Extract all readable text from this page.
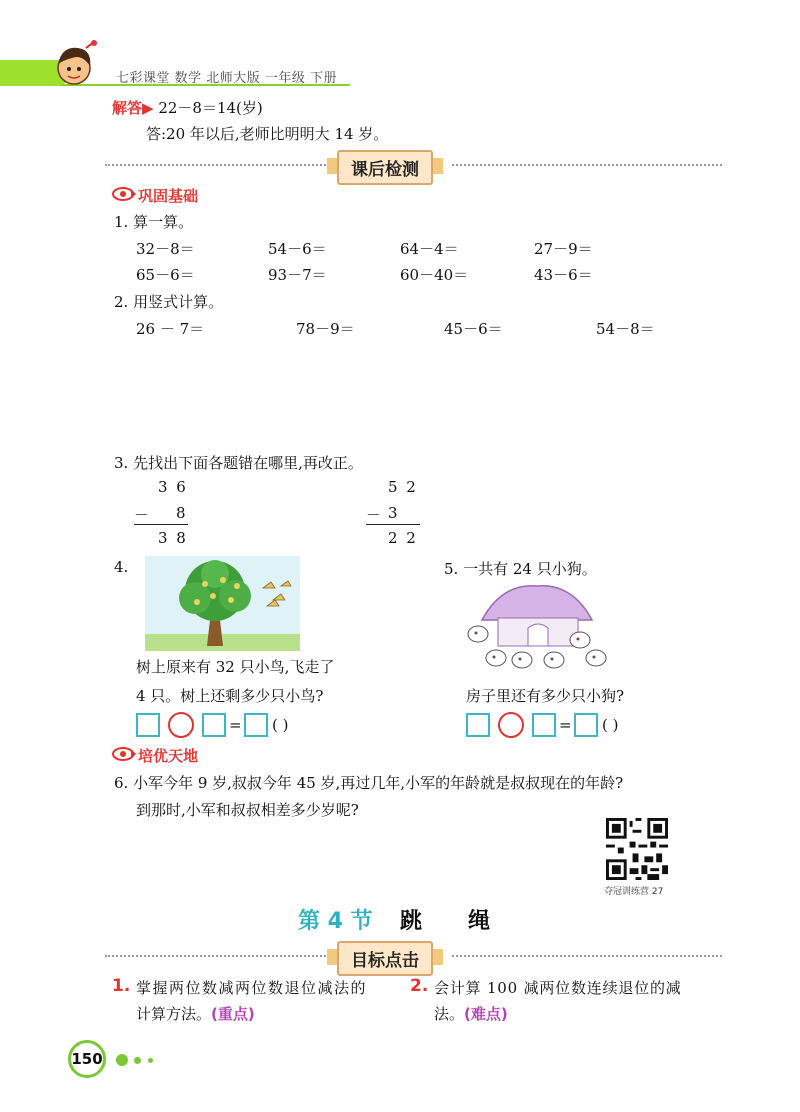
七彩课堂 数学 北师大版 一年级 下册
解答▶ 22－8＝14(岁)
答:20 年以后,老师比明明大 14 岁。
课后检测
巩固基础
1. 算一算。
32－8＝	54－6＝	64－4＝	27－9＝
65－6＝	93－7＝	60－40＝	43－6＝
2. 用竖式计算。
26 － 7＝	78－9＝	45－6＝	54－8＝
3. 先找出下面各题错在哪里,再改正。
3 6
－ 8
3 8
5 2
－ 3
2 2
4.
树上原来有 32 只小鸟,飞走了
4 只。树上还剩多少只小鸟?
= ( )
5. 一共有 24 只小狗。
房子里还有多少只小狗?
= ( )
培优天地
6. 小军今年 9 岁,叔叔今年 45 岁,再过几年,小军的年龄就是叔叔现在的年龄?
到那时,小军和叔叔相差多少岁呢?
夺冠训练营 27
第 4 节 跳      绳
目标点击
1. 掌握两位数减两位数退位减法的
计算方法。(重点)
2. 会计算 100 减两位数连续退位的减
法。(难点)
150
